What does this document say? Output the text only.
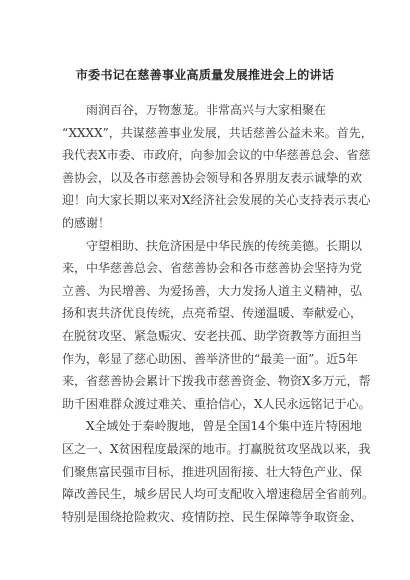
市委书记在慈善事业高质量发展推进会上的讲话
雨润百谷，万物葱茏。非常高兴与大家相聚在
“XXXX”，共谋慈善事业发展，共话慈善公益未来。首先，
我代表X市委、市政府，向参加会议的中华慈善总会、省慈
善协会，以及各市慈善协会领导和各界朋友表示诚挚的欢
迎！向大家长期以来对X经济社会发展的关心支持表示衷心
的感谢！
守望相助、扶危济困是中华民族的传统美德。长期以
来，中华慈善总会、省慈善协会和各市慈善协会坚持为党
立善、为民增善、为爱扬善，大力发扬人道主义精神，弘
扬和衷共济优良传统，点亮希望、传递温暖、奉献爱心，
在脱贫攻坚、紧急赈灾、安老扶孤、助学资教等方面担当
作为，彰显了慈心助困、善举济世的“最美一面”。近5年
来，省慈善协会累计下拨我市慈善资金、物资X多万元，帮
助千困难群众渡过难关、重拾信心，X人民永远铭记于心。
X全域处于秦岭腹地，曾是全国14个集中连片特困地
区之一、X贫困程度最深的地市。打赢脱贫攻坚战以来，我
们聚焦富民强市目标，推进巩固衔接、壮大特色产业、保
障改善民生，城乡居民人均可支配收入增速稳居全省前列。
特别是围绕抢险救灾、疫情防控、民生保障等争取资金、
